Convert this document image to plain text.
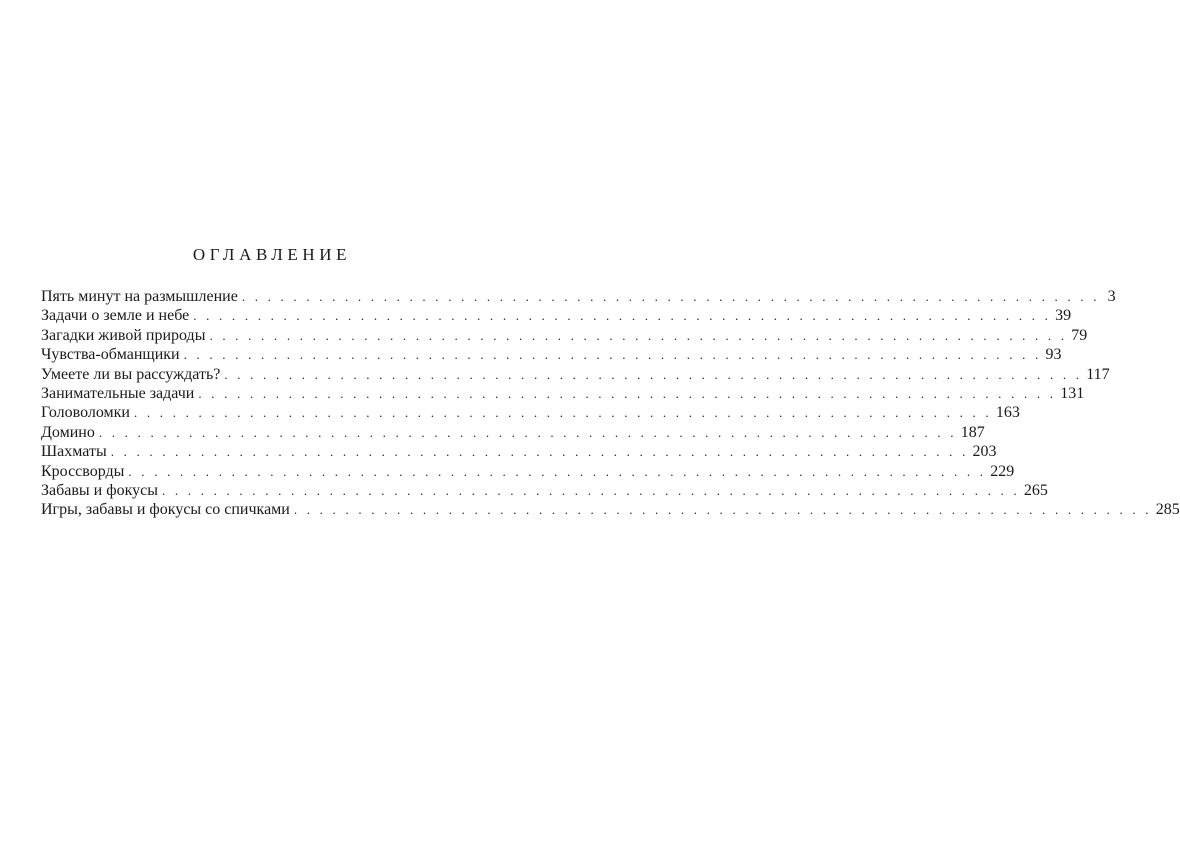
ОГЛАВЛЕНИЕ
Пять минут на размышление . . . . . . . . . . . . . . . . . . . . . . . . . . . . . . . . . . . . . . . . . . . . . . . . . . . . . . . . . . . . . . . . . . . 3
Задачи о земле и небе . . . . . . . . . . . . . . . . . . . . . . . . . . . . . . . . . . . . . . . . . . . . . . . . . . . . . . . . . . . . . . . . . . . 39
Загадки живой природы . . . . . . . . . . . . . . . . . . . . . . . . . . . . . . . . . . . . . . . . . . . . . . . . . . . . . . . . . . . . . . . . . . . 79
Чувства-обманщики . . . . . . . . . . . . . . . . . . . . . . . . . . . . . . . . . . . . . . . . . . . . . . . . . . . . . . . . . . . . . . . . . . . 93
Умеете ли вы рассуждать? . . . . . . . . . . . . . . . . . . . . . . . . . . . . . . . . . . . . . . . . . . . . . . . . . . . . . . . . . . . . . . . . . . . 117
Занимательные задачи . . . . . . . . . . . . . . . . . . . . . . . . . . . . . . . . . . . . . . . . . . . . . . . . . . . . . . . . . . . . . . . . . . . 131
Головоломки . . . . . . . . . . . . . . . . . . . . . . . . . . . . . . . . . . . . . . . . . . . . . . . . . . . . . . . . . . . . . . . . . . . 163
Домино . . . . . . . . . . . . . . . . . . . . . . . . . . . . . . . . . . . . . . . . . . . . . . . . . . . . . . . . . . . . . . . . . . . 187
Шахматы . . . . . . . . . . . . . . . . . . . . . . . . . . . . . . . . . . . . . . . . . . . . . . . . . . . . . . . . . . . . . . . . . . . 203
Кроссворды . . . . . . . . . . . . . . . . . . . . . . . . . . . . . . . . . . . . . . . . . . . . . . . . . . . . . . . . . . . . . . . . . . . 229
Забавы и фокусы . . . . . . . . . . . . . . . . . . . . . . . . . . . . . . . . . . . . . . . . . . . . . . . . . . . . . . . . . . . . . . . . . . . 265
Игры, забавы и фокусы со спичками . . . . . . . . . . . . . . . . . . . . . . . . . . . . . . . . . . . . . . . . . . . . . . . . . . . . . . . . . . . . . . . . . . . 285
